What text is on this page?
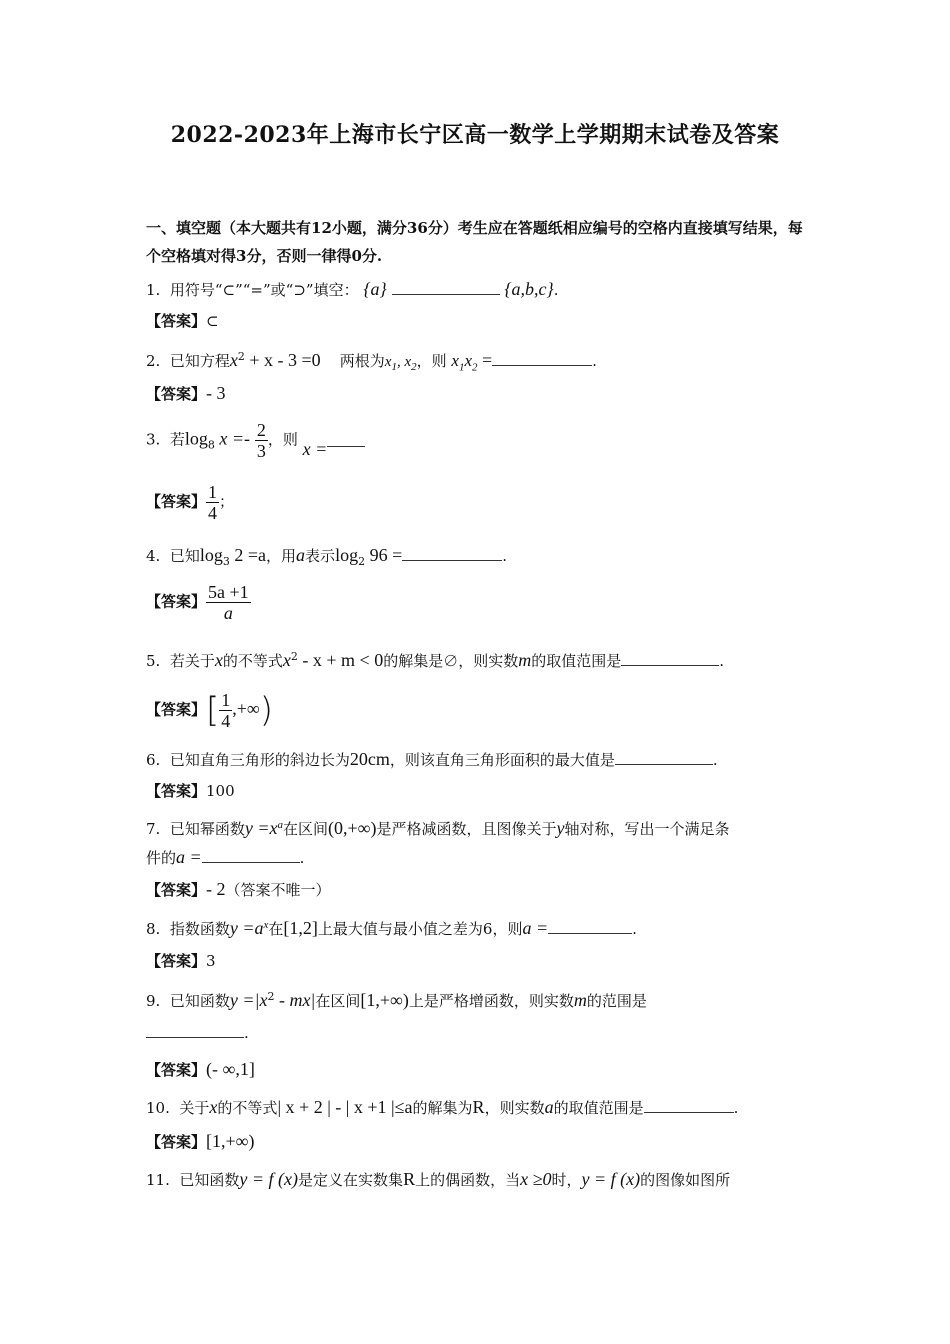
2022-2023年上海市长宁区高一数学上学期期末试卷及答案
一、填空题（本大题共有12小题，满分36分）考生应在答题纸相应编号的空格内直接填写结果，每个空格填对得3分，否则一律得0分.
1. 用符号“⊂”“=”或“⊃”填空： {a}	{a,b,c}.
【答案】⊂
2. 已知方程$x^2 + x - 3 =0$ 两根为$x_1$, $x_2$，则 $x_1x_2$ =	.
【答案】- 3
3. 若$\log_8 x =- \frac{2}{3}$ ，则 x =
【答案】 $\frac{1}{4}$ ；
4. 已知$\log_3 2 =a$，用a表示$\log_2 96$ =	.
【答案】 $\frac{5a +1}{a}$
5. 若关于x的不等式$x^2 - x + m < 0$的解集是∅，则实数m的取值范围是	.
【答案】[ $\frac{1}{4}$ ,+∞)
6. 已知直角三角形的斜边长为20cm，则该直角三角形面积的最大值是	.
【答案】100
7. 已知幂函数$y =x^a$在区间(0,+∞)是严格减函数，且图像关于y轴对称，写出一个满足条
件的a =	.
【答案】- 2（答案不唯一）
8. 指数函数$y =a^x$在[1,2]上最大值与最小值之差为6，则a =	.
【答案】3
9. 已知函数$y =|x^2 - mx|$在区间[1,+∞)上是严格增函数，则实数m的范围是
.
【答案】(- ∞,1]
10. 关于x的不等式| x + 2 | - | x +1 |≤a的解集为R，则实数a的取值范围是	.
【答案】[1,+∞)
11. 已知函数y = f (x)是定义在实数集R上的偶函数，当x ≥0时，y = f (x)的图像如图所
